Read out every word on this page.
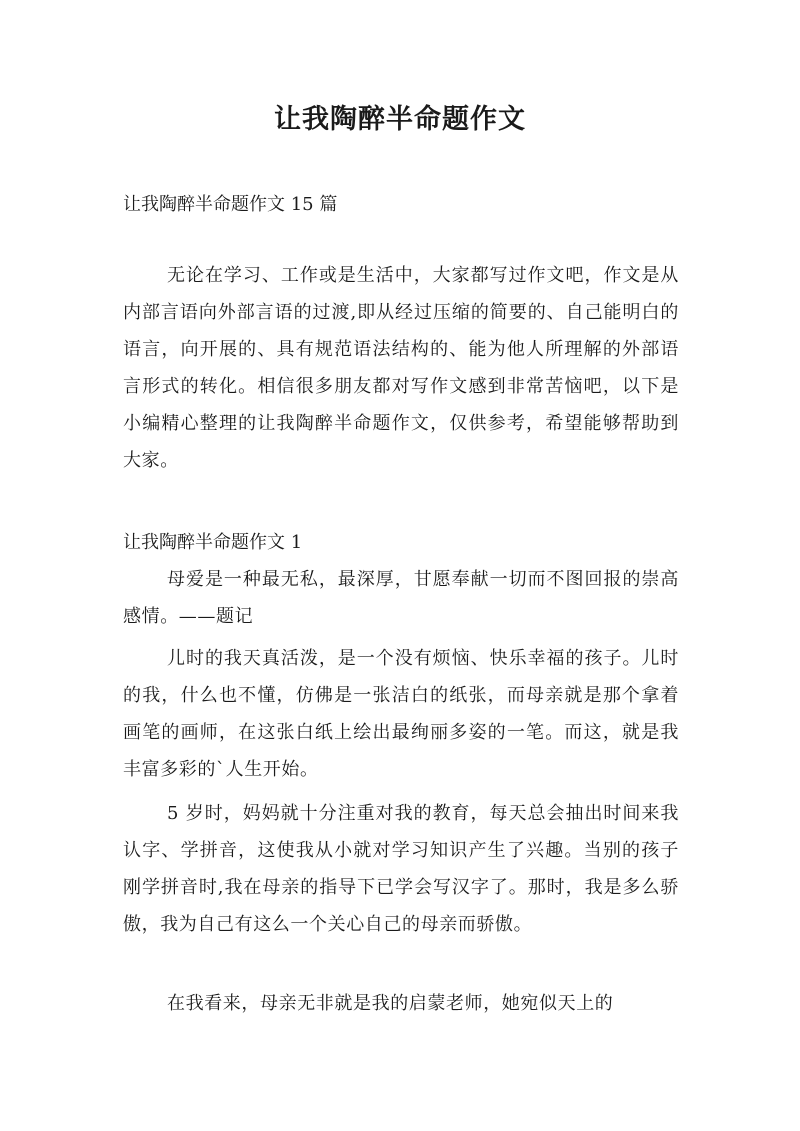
让我陶醉半命题作文

让我陶醉半命题作文 15 篇

无论在学习、工作或是生活中，大家都写过作文吧，作文是从内部言语向外部言语的过渡,即从经过压缩的简要的、自己能明白的语言，向开展的、具有规范语法结构的、能为他人所理解的外部语言形式的转化。相信很多朋友都对写作文感到非常苦恼吧，以下是小编精心整理的让我陶醉半命题作文，仅供参考，希望能够帮助到大家。

让我陶醉半命题作文 1

母爱是一种最无私，最深厚，甘愿奉献一切而不图回报的崇高感情。——题记

儿时的我天真活泼，是一个没有烦恼、快乐幸福的孩子。儿时的我，什么也不懂，仿佛是一张洁白的纸张，而母亲就是那个拿着画笔的画师，在这张白纸上绘出最绚丽多姿的一笔。而这，就是我丰富多彩的`人生开始。

5 岁时，妈妈就十分注重对我的教育，每天总会抽出时间来我认字、学拼音，这使我从小就对学习知识产生了兴趣。当别的孩子刚学拼音时,我在母亲的指导下已学会写汉字了。那时，我是多么骄傲，我为自己有这么一个关心自己的母亲而骄傲。

在我看来，母亲无非就是我的启蒙老师，她宛似天上的
